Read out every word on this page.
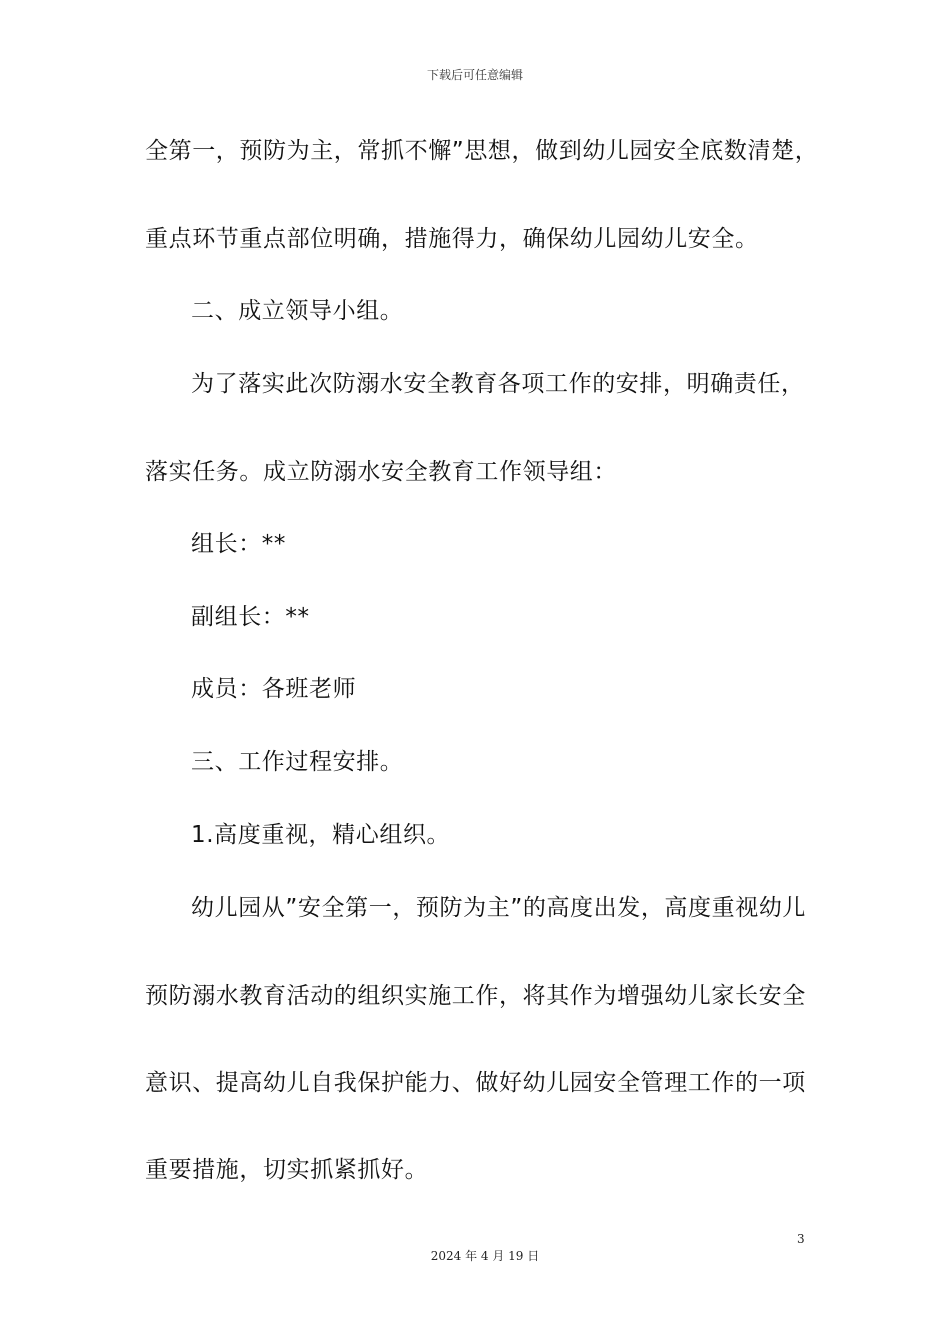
下载后可任意编辑
全第一，预防为主，常抓不懈”思想，做到幼儿园安全底数清楚，
重点环节重点部位明确，措施得力，确保幼儿园幼儿安全。
二、成立领导小组。
为了落实此次防溺水安全教育各项工作的安排，明确责任，
落实任务。成立防溺水安全教育工作领导组：
组长：**
副组长：**
成员：各班老师
三、工作过程安排。
1.高度重视，精心组织。
幼儿园从”安全第一，预防为主”的高度出发，高度重视幼儿
预防溺水教育活动的组织实施工作，将其作为增强幼儿家长安全
意识、提高幼儿自我保护能力、做好幼儿园安全管理工作的一项
重要措施，切实抓紧抓好。
3
2024 年 4 月 19 日
